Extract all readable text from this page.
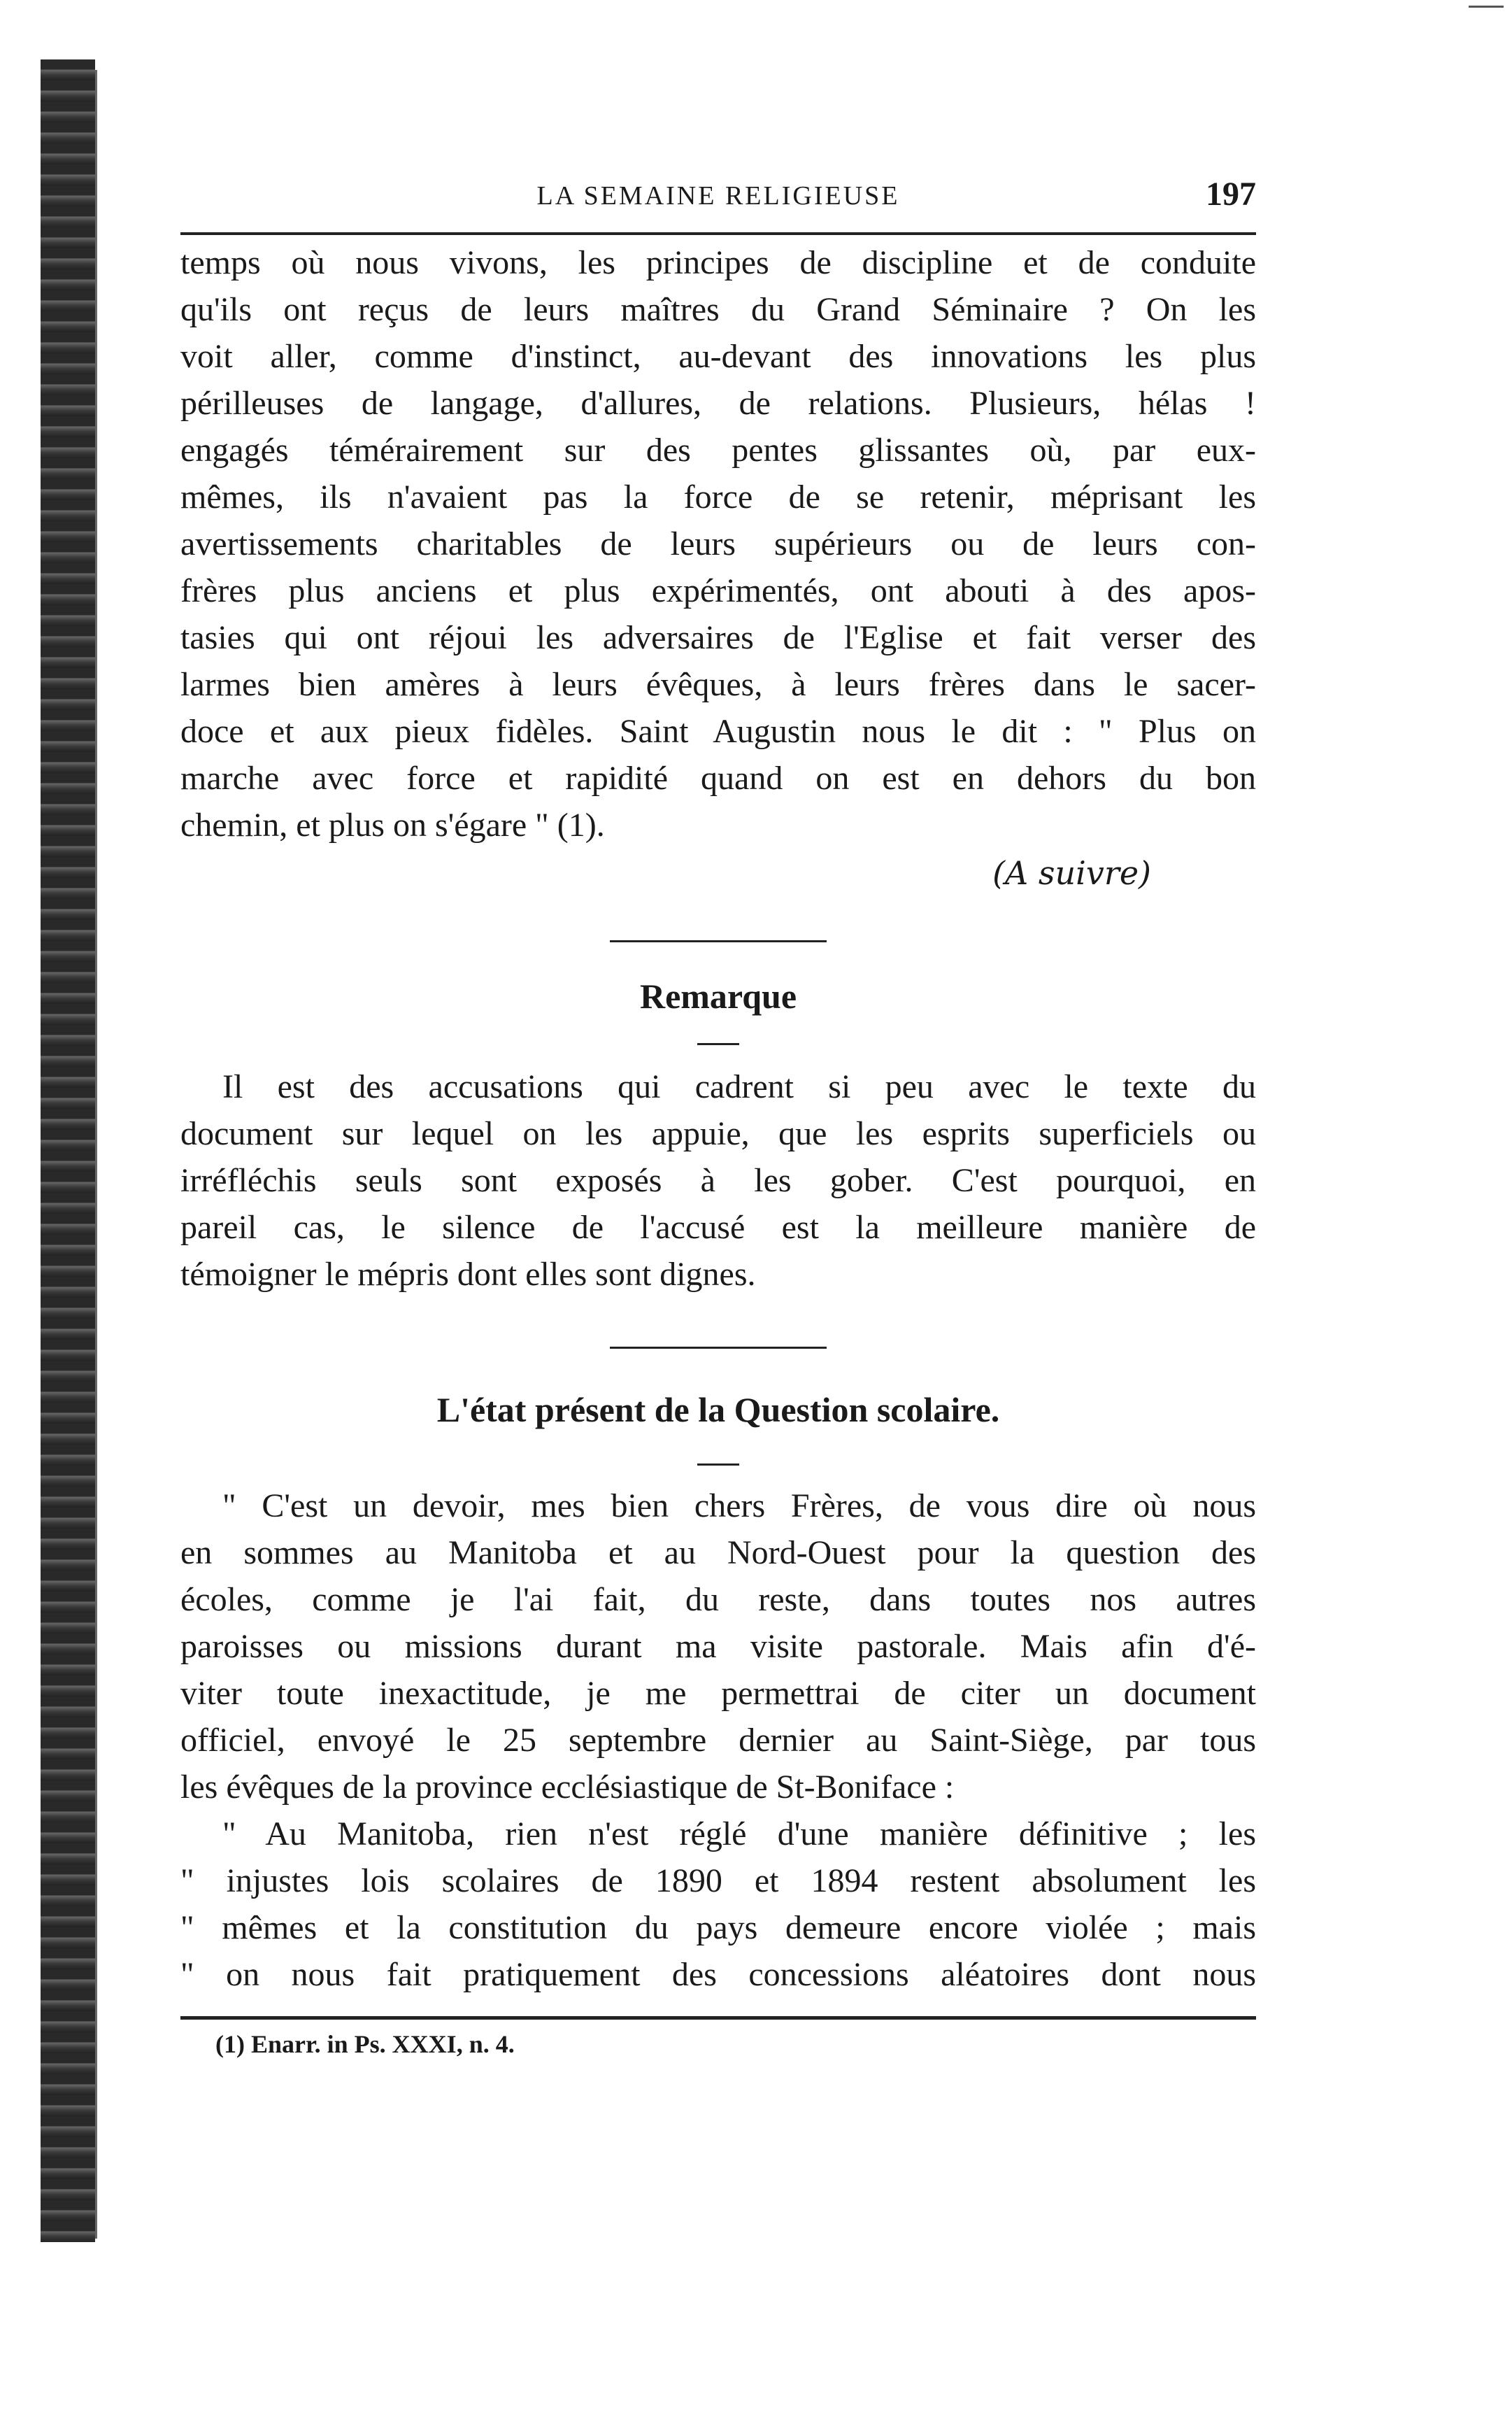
LA SEMAINE RELIGIEUSE	197
temps où nous vivons, les principes de discipline et de conduite
qu'ils ont reçus de leurs maîtres du Grand Séminaire ? On les
voit aller, comme d'instinct, au-devant des innovations les plus
périlleuses de langage, d'allures, de relations. Plusieurs, hélas !
engagés témérairement sur des pentes glissantes où, par eux-
mêmes, ils n'avaient pas la force de se retenir, méprisant les
avertissements charitables de leurs supérieurs ou de leurs con-
frères plus anciens et plus expérimentés, ont abouti à des apos-
tasies qui ont réjoui les adversaires de l'Eglise et fait verser des
larmes bien amères à leurs évêques, à leurs frères dans le sacer-
doce et aux pieux fidèles. Saint Augustin nous le dit : " Plus on
marche avec force et rapidité quand on est en dehors du bon
chemin, et plus on s'égare " (1).
(A suivre)
Remarque
Il est des accusations qui cadrent si peu avec le texte du
document sur lequel on les appuie, que les esprits superficiels ou
irréfléchis seuls sont exposés à les gober. C'est pourquoi, en
pareil cas, le silence de l'accusé est la meilleure manière de
témoigner le mépris dont elles sont dignes.
L'état présent de la Question scolaire.
" C'est un devoir, mes bien chers Frères, de vous dire où nous
en sommes au Manitoba et au Nord-Ouest pour la question des
écoles, comme je l'ai fait, du reste, dans toutes nos autres
paroisses ou missions durant ma visite pastorale. Mais afin d'é-
viter toute inexactitude, je me permettrai de citer un document
officiel, envoyé le 25 septembre dernier au Saint-Siège, par tous
les évêques de la province ecclésiastique de St-Boniface :
" Au Manitoba, rien n'est réglé d'une manière définitive ; les
" injustes lois scolaires de 1890 et 1894 restent absolument les
" mêmes et la constitution du pays demeure encore violée ; mais
" on nous fait pratiquement des concessions aléatoires dont nous
(1) Enarr. in Ps. XXXI, n. 4.
